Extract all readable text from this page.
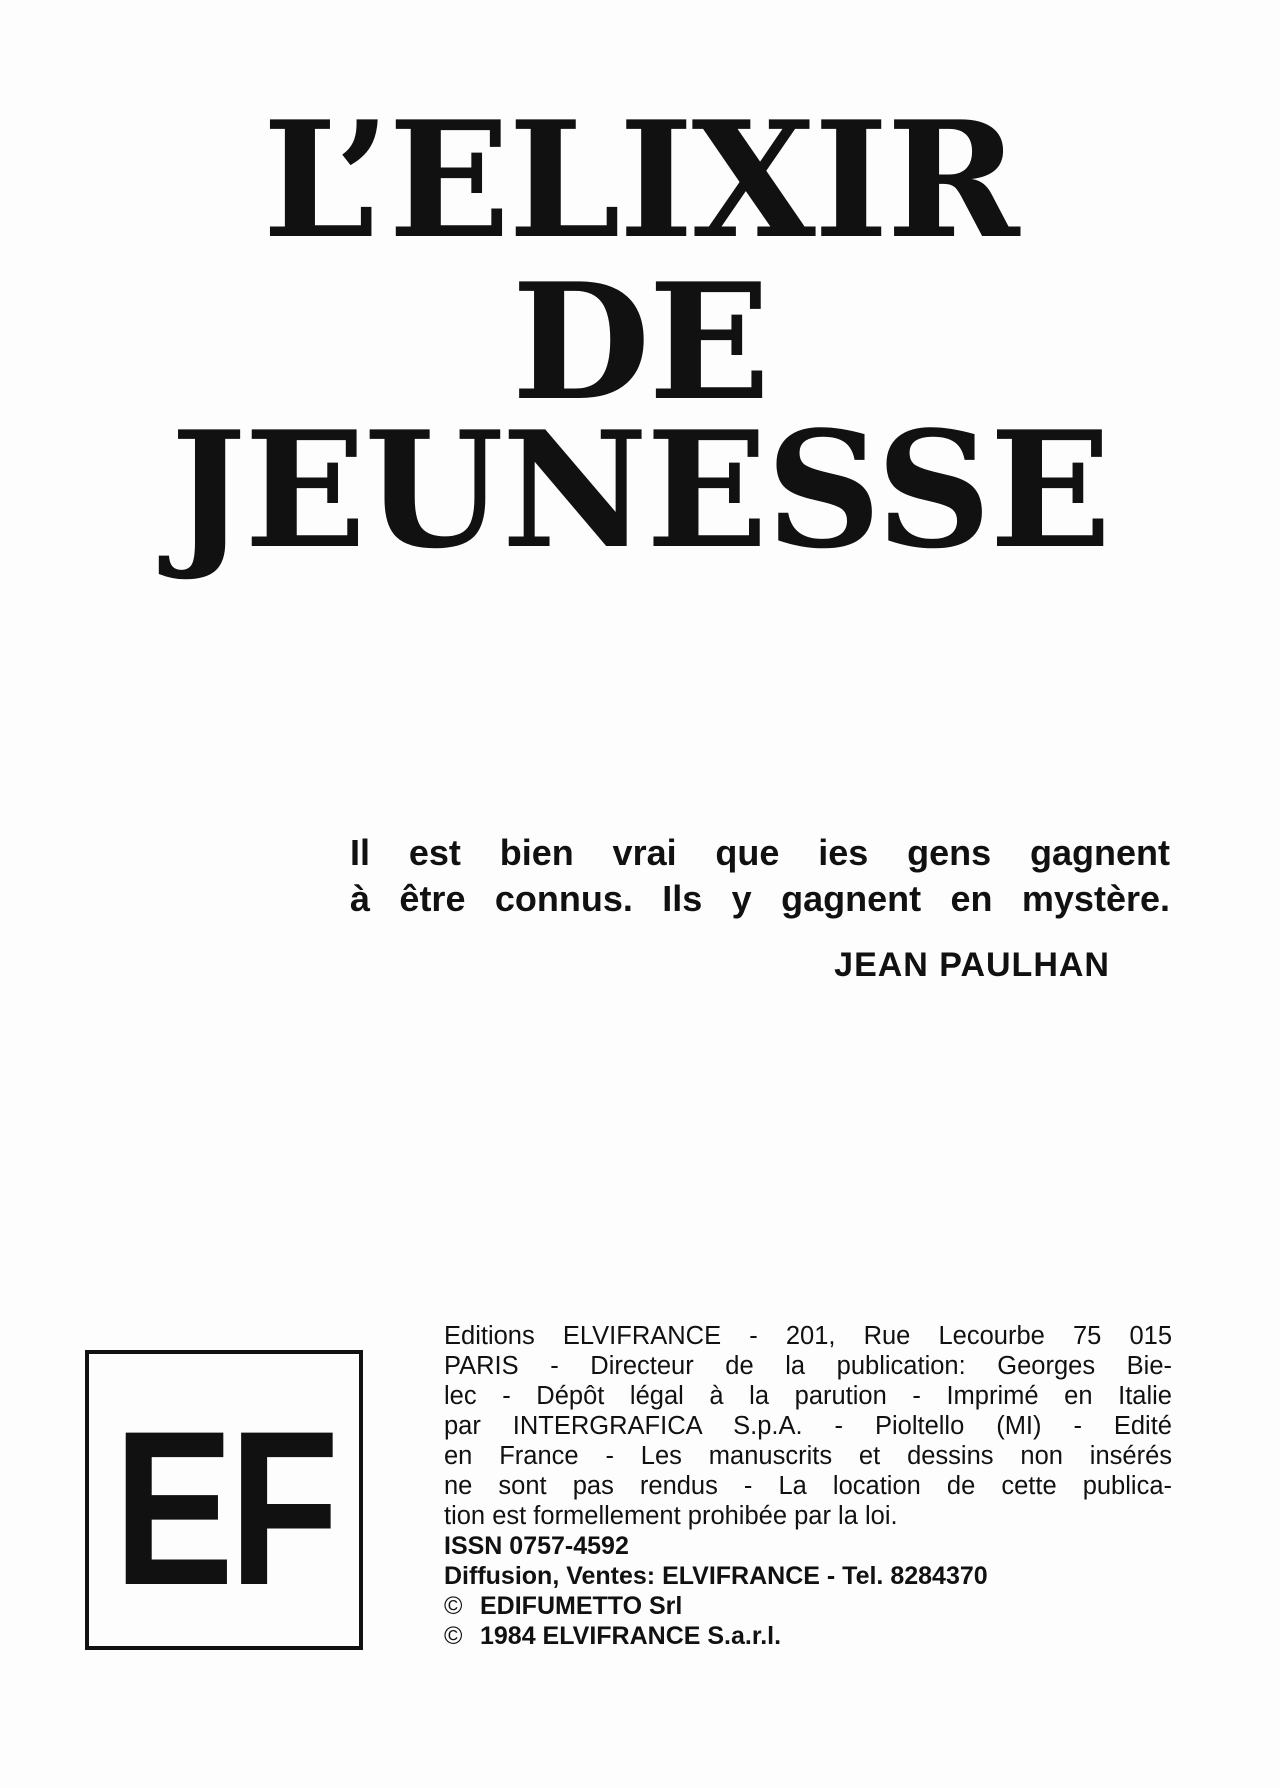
L’ELIXIR
DE
JEUNESSE
Il est bien vrai que ies gens gagnent
à être connus. Ils y gagnent en mystère.
JEAN PAULHAN
EF
Editions ELVIFRANCE - 201, Rue Lecourbe 75 015
PARIS - Directeur de la publication: Georges Bie-
lec - Dépôt légal à la parution - Imprimé en Italie
par INTERGRAFICA S.p.A. - Pioltello (MI) - Edité
en France - Les manuscrits et dessins non insérés
ne sont pas rendus - La location de cette publica-
tion est formellement prohibée par la loi.
ISSN 0757-4592
Diffusion, Ventes: ELVIFRANCE - Tel. 8284370
© EDIFUMETTO Srl
© 1984 ELVIFRANCE S.a.r.l.
